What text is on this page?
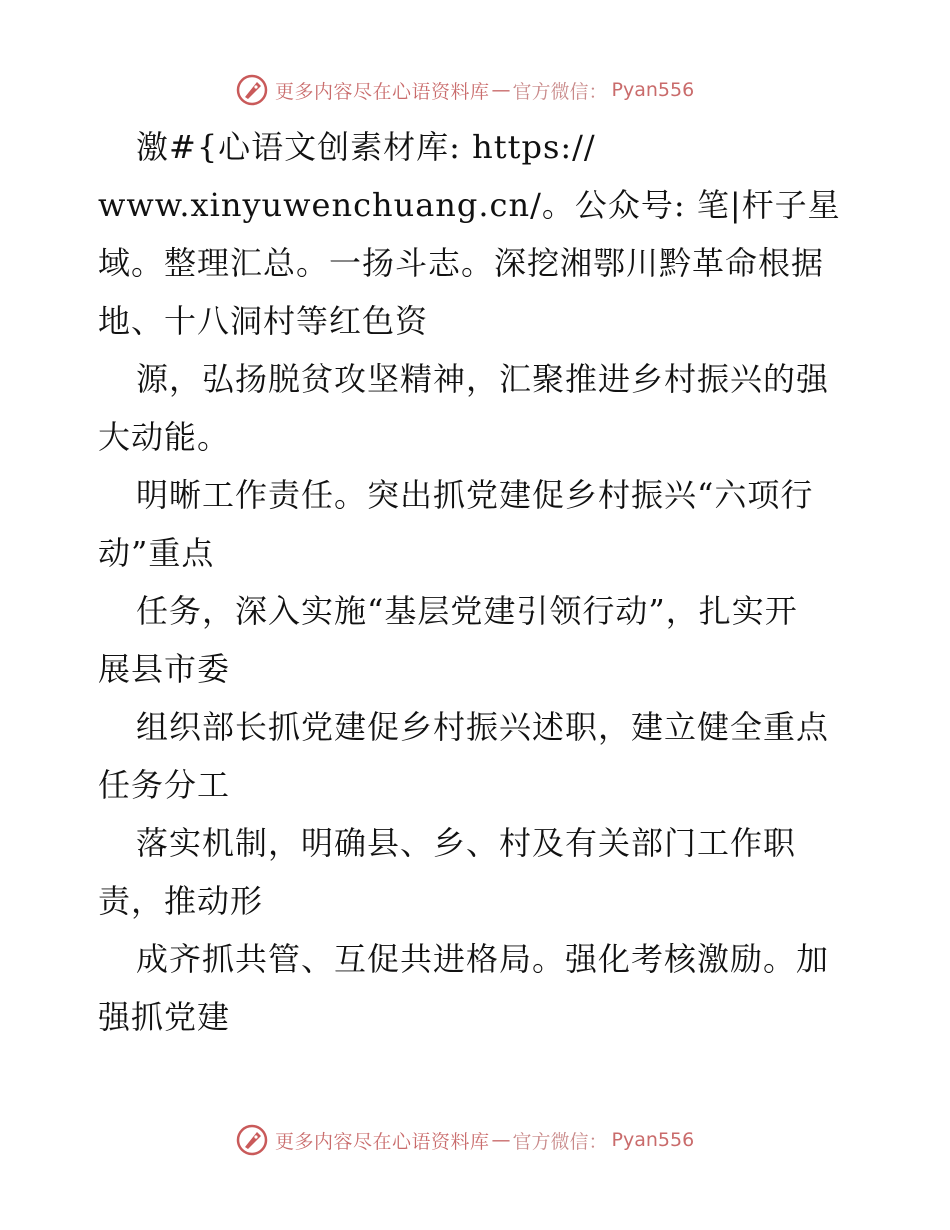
更多内容尽在心语资料库 — 官方微信： Pyan556
激#{心语文创素材库: https://
www.xinyuwenchuang.cn/。公众号: 笔|杆子星
域。整理汇总。一扬斗志。深挖湘鄂川黔革命根据
地、十八洞村等红色资
源，弘扬脱贫攻坚精神，汇聚推进乡村振兴的强
大动能。
明晰工作责任。突出抓党建促乡村振兴“六项行
动”重点
任务，深入实施“基层党建引领行动”，扎实开
展县市委
组织部长抓党建促乡村振兴述职，建立健全重点
任务分工
落实机制，明确县、乡、村及有关部门工作职
责，推动形
成齐抓共管、互促共进格局。强化考核激励。加
强抓党建
更多内容尽在心语资料库 — 官方微信： Pyan556
